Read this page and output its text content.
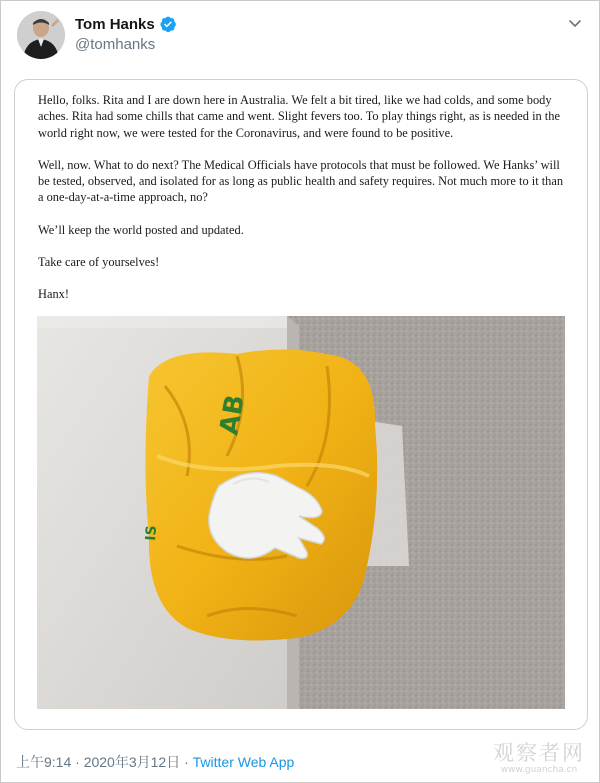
Tom Hanks
@tomhanks

Hello, folks. Rita and I are down here in Australia. We felt a bit tired, like we had colds, and some body aches. Rita had some chills that came and went. Slight fevers too. To play things right, as is needed in the world right now, we were tested for the Coronavirus, and were found to be positive.

Well, now. What to do next? The Medical Officials have protocols that must be followed. We Hanks’ will be tested, observed, and isolated for as long as public health and safety requires. Not much more to it than a one-day-at-a-time approach, no?

We’ll keep the world posted and updated.

Take care of yourselves!

Hanx!

AB
IS
上午9:14 · 2020年3月12日 · Twitter Web App	观察者网
www.guancha.cn
